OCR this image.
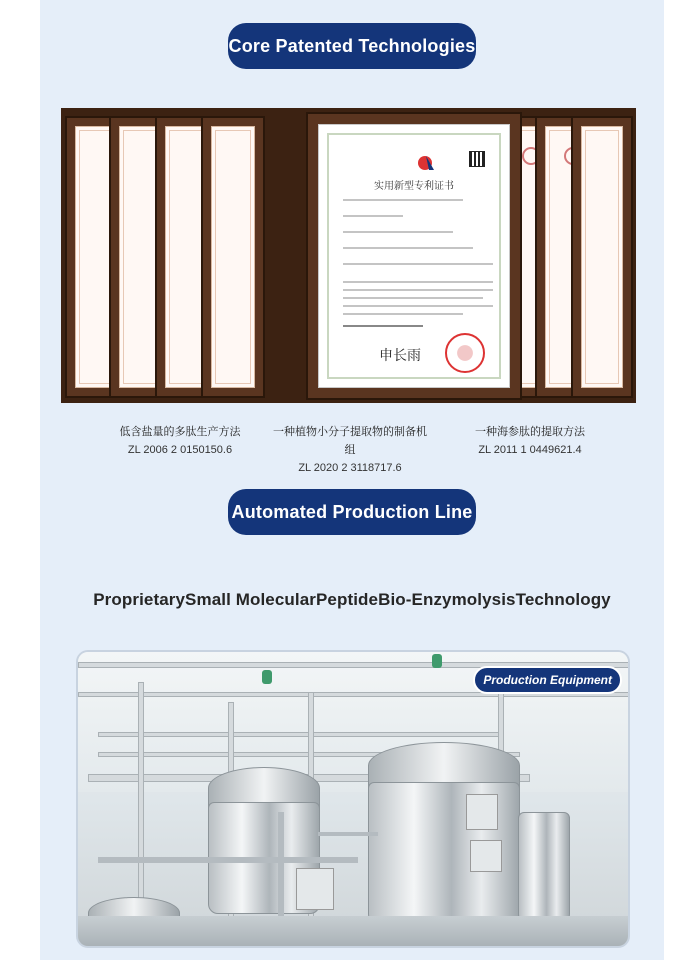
Core Patented Technologies
实用新型专利证书
申长雨
低含盐量的多肽生产方法
ZL 2006 2 0150150.6
一种植物小分子提取物的制备机组
ZL 2020 2 3118717.6
一种海参肽的提取方法
ZL 2011 1 0449621.4
Automated Production Line
ProprietarySmall MolecularPeptideBio-EnzymolysisTechnology
Production Equipment
